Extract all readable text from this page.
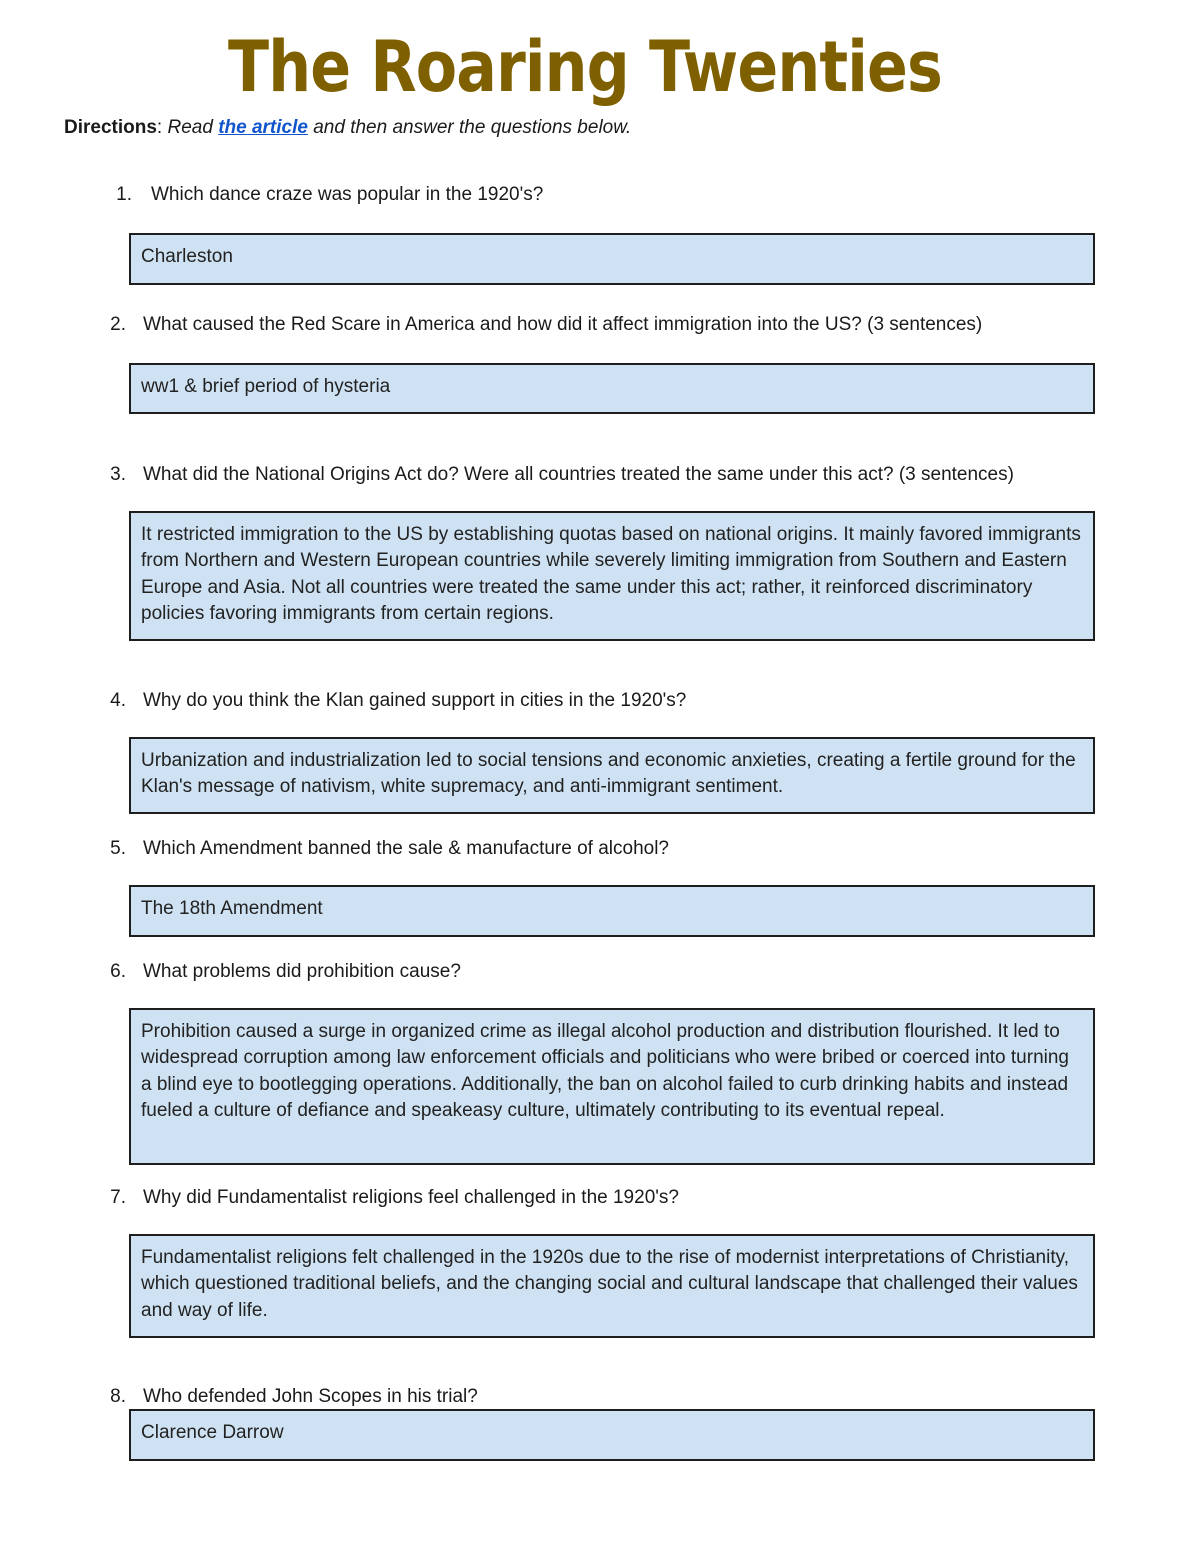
The Roaring Twenties
Directions: Read the article and then answer the questions below.
1. Which dance craze was popular in the 1920's?
Charleston
2. What caused the Red Scare in America and how did it affect immigration into the US? (3 sentences)
ww1 & brief period of hysteria
3. What did the National Origins Act do? Were all countries treated the same under this act? (3 sentences)
It restricted immigration to the US by establishing quotas based on national origins. It mainly favored immigrants from Northern and Western European countries while severely limiting immigration from Southern and Eastern Europe and Asia. Not all countries were treated the same under this act; rather, it reinforced discriminatory policies favoring immigrants from certain regions.
4. Why do you think the Klan gained support in cities in the 1920's?
Urbanization and industrialization led to social tensions and economic anxieties, creating a fertile ground for the Klan's message of nativism, white supremacy, and anti-immigrant sentiment.
5. Which Amendment banned the sale & manufacture of alcohol?
The 18th Amendment
6. What problems did prohibition cause?
Prohibition caused a surge in organized crime as illegal alcohol production and distribution flourished. It led to widespread corruption among law enforcement officials and politicians who were bribed or coerced into turning a blind eye to bootlegging operations. Additionally, the ban on alcohol failed to curb drinking habits and instead fueled a culture of defiance and speakeasy culture, ultimately contributing to its eventual repeal.
7. Why did Fundamentalist religions feel challenged in the 1920's?
Fundamentalist religions felt challenged in the 1920s due to the rise of modernist interpretations of Christianity, which questioned traditional beliefs, and the changing social and cultural landscape that challenged their values and way of life.
8. Who defended John Scopes in his trial?
Clarence Darrow
